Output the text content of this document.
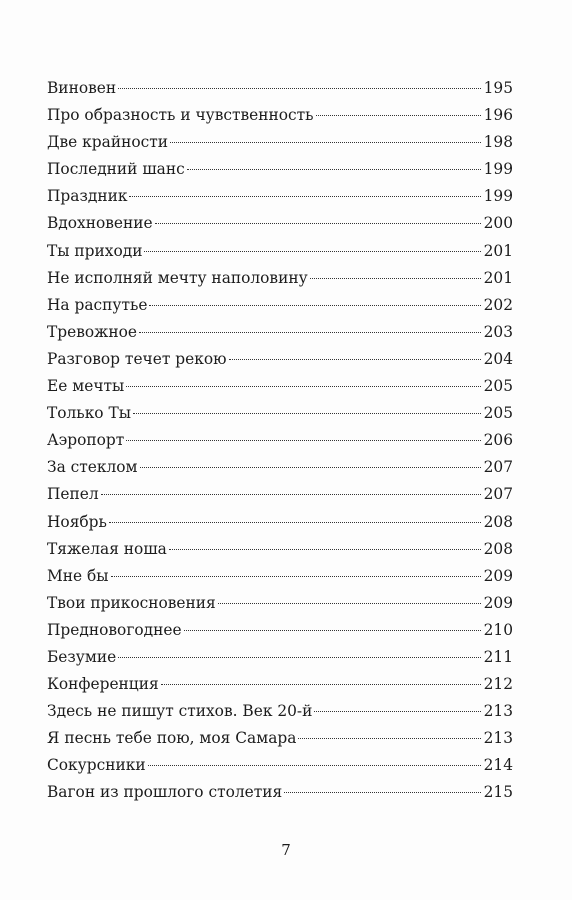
Виновен	195
Про образность и чувственность	196
Две крайности	198
Последний шанс	199
Праздник	199
Вдохновение	200
Ты приходи	201
Не исполняй мечту наполовину	201
На распутье	202
Тревожное	203
Разговор течет рекою	204
Ее мечты	205
Только Ты	205
Аэропорт	206
За стеклом	207
Пепел	207
Ноябрь	208
Тяжелая ноша	208
Мне бы	209
Твои прикосновения	209
Предновогоднее	210
Безумие	211
Конференция	212
Здесь не пишут стихов. Век 20-й	213
Я песнь тебе пою, моя Самара	213
Сокурсники	214
Вагон из прошлого столетия	215
7
